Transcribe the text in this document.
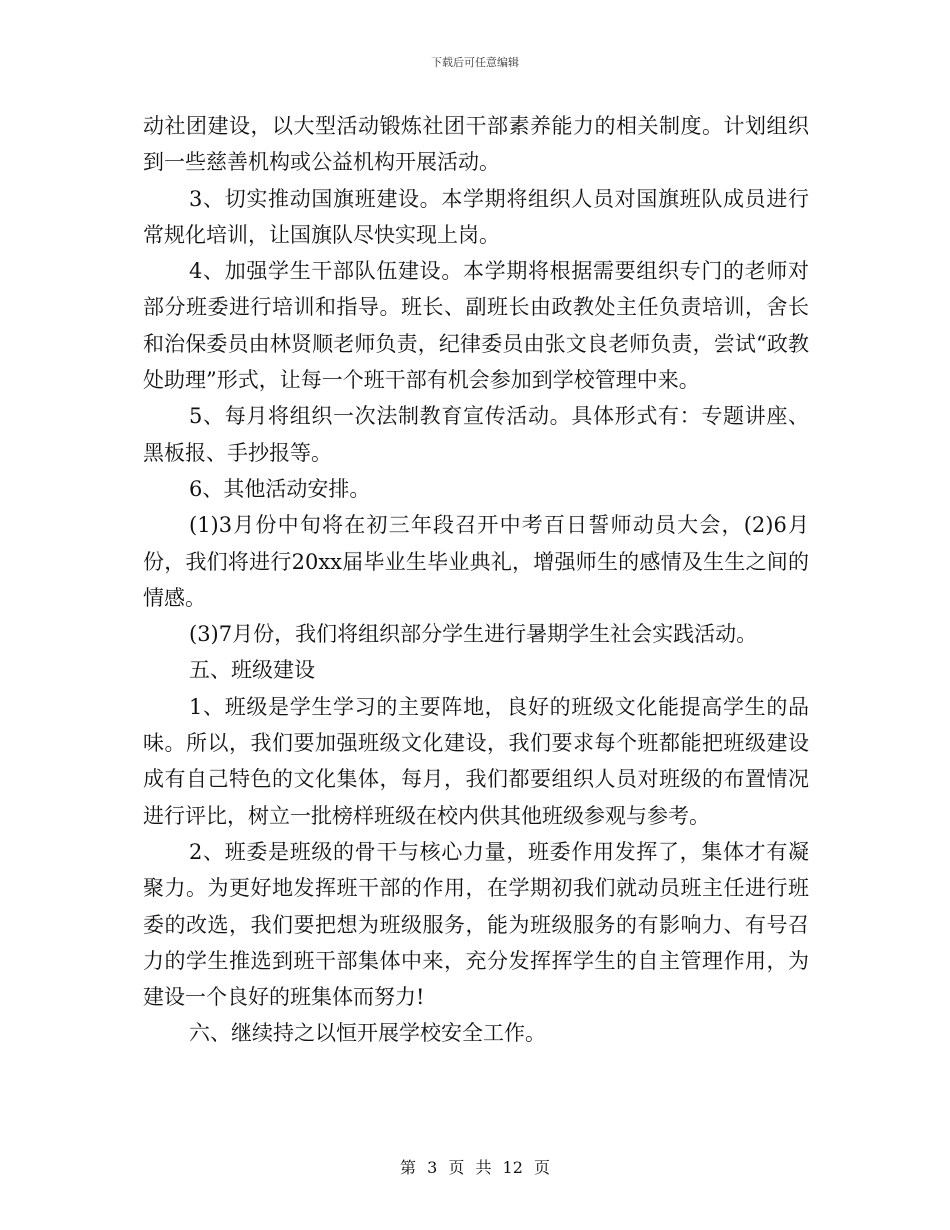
下载后可任意编辑

动社团建设，以大型活动锻炼社团干部素养能力的相关制度。计划组织到一些慈善机构或公益机构开展活动。

3、切实推动国旗班建设。本学期将组织人员对国旗班队成员进行常规化培训，让国旗队尽快实现上岗。

4、加强学生干部队伍建设。本学期将根据需要组织专门的老师对部分班委进行培训和指导。班长、副班长由政教处主任负责培训，舍长和治保委员由林贤顺老师负责，纪律委员由张文良老师负责，尝试“政教处助理”形式，让每一个班干部有机会参加到学校管理中来。

5、每月将组织一次法制教育宣传活动。具体形式有：专题讲座、黑板报、手抄报等。

6、其他活动安排。

(1)3月份中旬将在初三年段召开中考百日誓师动员大会，(2)6月份，我们将进行20xx届毕业生毕业典礼，增强师生的感情及生生之间的情感。

(3)7月份，我们将组织部分学生进行暑期学生社会实践活动。

五、班级建设

1、班级是学生学习的主要阵地，良好的班级文化能提高学生的品味。所以，我们要加强班级文化建设，我们要求每个班都能把班级建设成有自己特色的文化集体，每月，我们都要组织人员对班级的布置情况进行评比，树立一批榜样班级在校内供其他班级参观与参考。

2、班委是班级的骨干与核心力量，班委作用发挥了，集体才有凝聚力。为更好地发挥班干部的作用，在学期初我们就动员班主任进行班委的改选，我们要把想为班级服务，能为班级服务的有影响力、有号召力的学生推选到班干部集体中来，充分发挥挥学生的自主管理作用，为建设一个良好的班集体而努力!

六、继续持之以恒开展学校安全工作。

第 3 页 共 12 页
